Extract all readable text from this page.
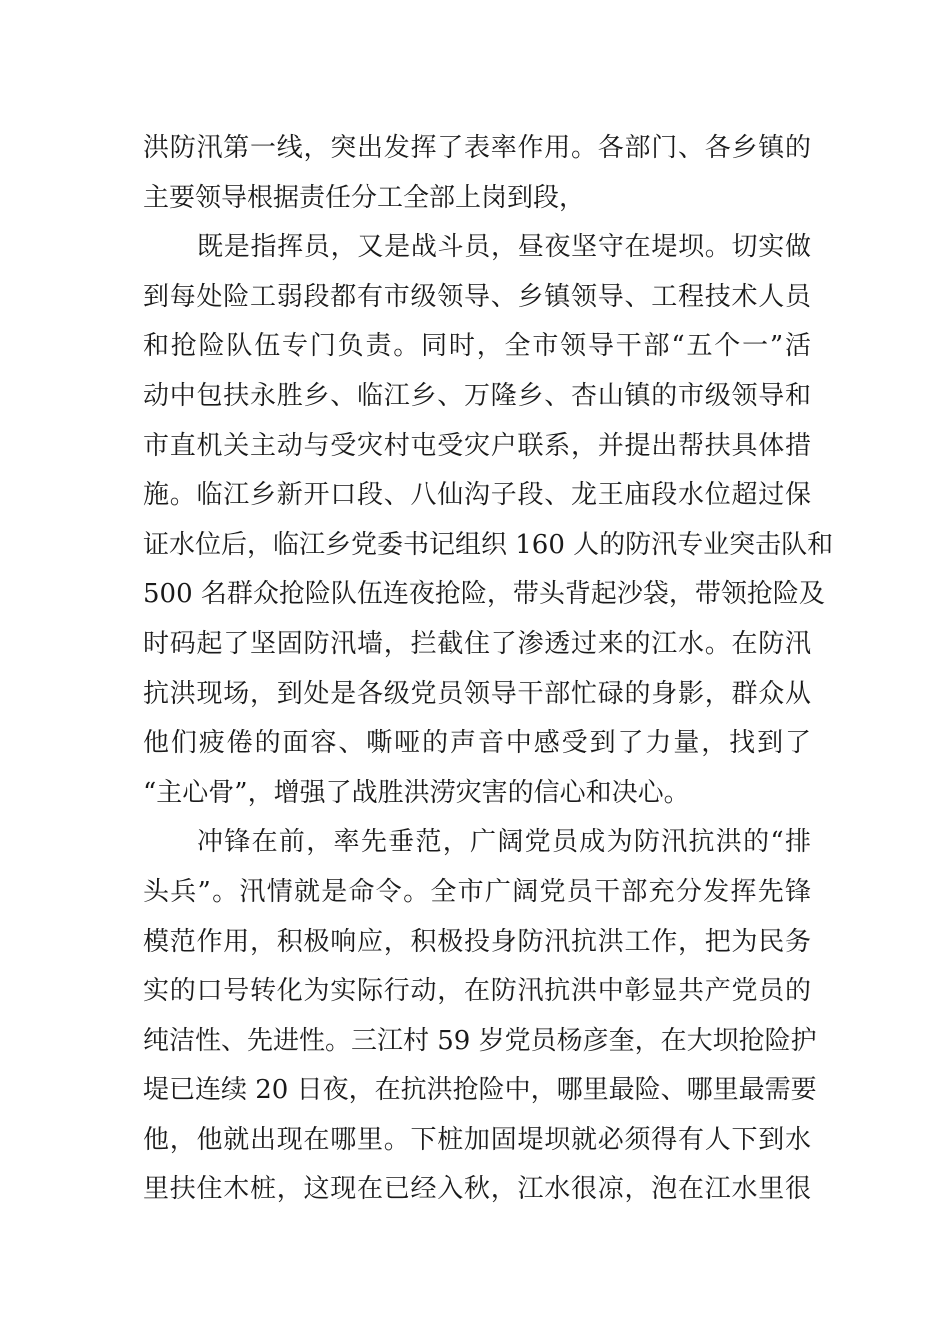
洪防汛第一线，突出发挥了表率作用。各部门、各乡镇的
主要领导根据责任分工全部上岗到段，
既是指挥员，又是战斗员，昼夜坚守在堤坝。切实做
到每处险工弱段都有市级领导、乡镇领导、工程技术人员
和抢险队伍专门负责。同时，全市领导干部“五个一”活
动中包扶永胜乡、临江乡、万隆乡、杏山镇的市级领导和
市直机关主动与受灾村屯受灾户联系，并提出帮扶具体措
施。临江乡新开口段、八仙沟子段、龙王庙段水位超过保
证水位后，临江乡党委书记组织 160 人的防汛专业突击队和
500 名群众抢险队伍连夜抢险，带头背起沙袋，带领抢险及
时码起了坚固防汛墙，拦截住了渗透过来的江水。在防汛
抗洪现场，到处是各级党员领导干部忙碌的身影，群众从
他们疲倦的面容、嘶哑的声音中感受到了力量，找到了
“主心骨”，增强了战胜洪涝灾害的信心和决心。
冲锋在前，率先垂范，广阔党员成为防汛抗洪的“排
头兵”。汛情就是命令。全市广阔党员干部充分发挥先锋
模范作用，积极响应，积极投身防汛抗洪工作，把为民务
实的口号转化为实际行动，在防汛抗洪中彰显共产党员的
纯洁性、先进性。三江村 59 岁党员杨彦奎，在大坝抢险护
堤已连续 20 日夜，在抗洪抢险中，哪里最险、哪里最需要
他，他就出现在哪里。下桩加固堤坝就必须得有人下到水
里扶住木桩，这现在已经入秋，江水很凉，泡在江水里很
